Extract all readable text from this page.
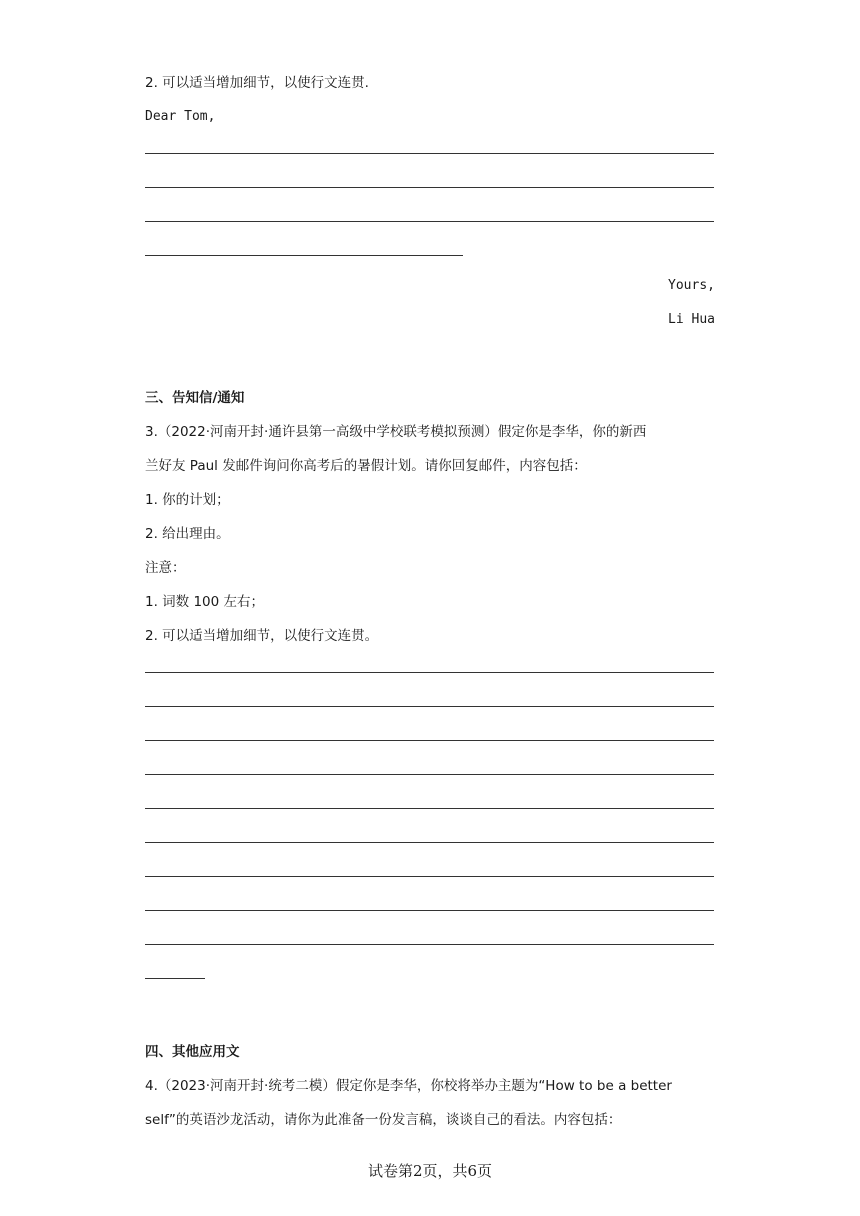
2. 可以适当增加细节，以使行文连贯.
Dear Tom,
Yours,
Li Hua
三、告知信/通知
3.（2022·河南开封·通许县第一高级中学校联考模拟预测）假定你是李华，你的新西
兰好友 Paul 发邮件询问你高考后的暑假计划。请你回复邮件，内容包括：
1. 你的计划；
2. 给出理由。
注意：
1. 词数 100 左右；
2. 可以适当增加细节，以使行文连贯。
四、其他应用文
4.（2023·河南开封·统考二模）假定你是李华，你校将举办主题为“How to be a better
self”的英语沙龙活动，请你为此准备一份发言稿，谈谈自己的看法。内容包括：
试卷第2页，共6页
